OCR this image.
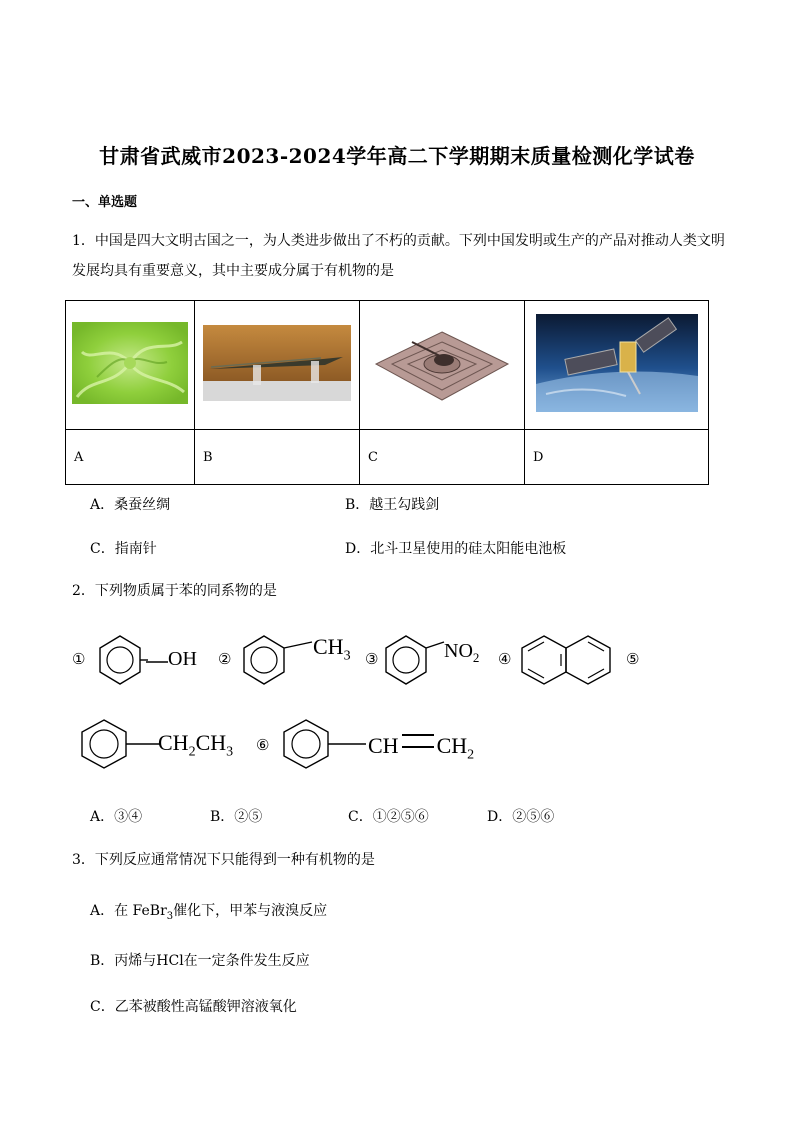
甘肃省武威市2023-2024学年高二下学期期末质量检测化学试卷
一、单选题
1．中国是四大文明古国之一，为人类进步做出了不朽的贡献。下列中国发明或生产的产品对推动人类文明
发展均具有重要意义，其中主要成分属于有机物的是

A	B	C	D
A．桑蚕丝绸	B．越王勾践剑
C．指南针	D．北斗卫星使用的硅太阳能电池板
2．下列物质属于苯的同系物的是
①	OH ②	$CH_3$ ③	$NO_2$ ④	⑤
$CH_2CH_3$ ⑥	CH $CH_2$
A．③④	B．②⑤	C．①②⑤⑥	D．②⑤⑥
3．下列反应通常情况下只能得到一种有机物的是
A．在 FeBr$_3$催化下，甲苯与液溴反应
B．丙烯与HCl在一定条件发生反应
C．乙苯被酸性高锰酸钾溶液氧化
